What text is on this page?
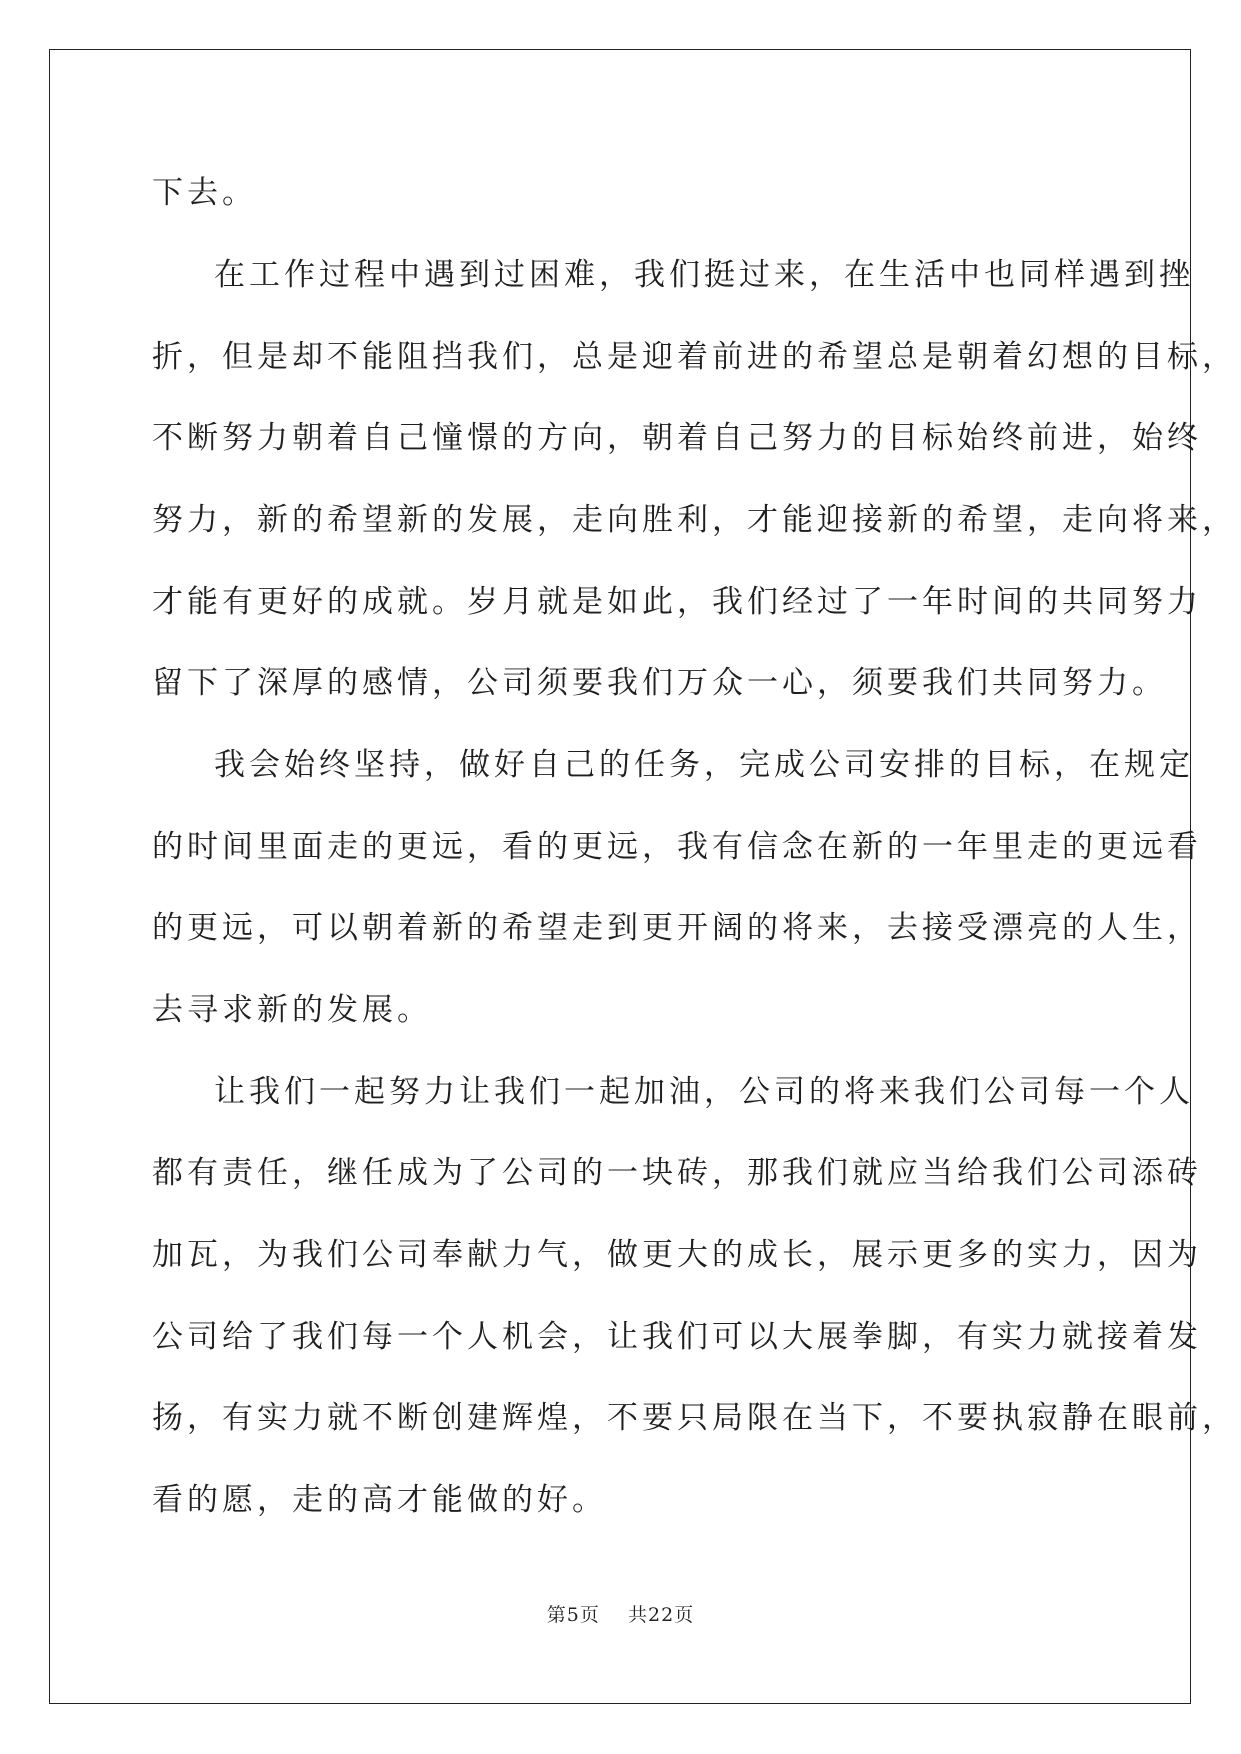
下去。
在工作过程中遇到过困难，我们挺过来，在生活中也同样遇到挫
折，但是却不能阻挡我们，总是迎着前进的希望总是朝着幻想的目标，
不断努力朝着自己憧憬的方向，朝着自己努力的目标始终前进，始终
努力，新的希望新的发展，走向胜利，才能迎接新的希望，走向将来，
才能有更好的成就。岁月就是如此，我们经过了一年时间的共同努力
留下了深厚的感情，公司须要我们万众一心，须要我们共同努力。
我会始终坚持，做好自己的任务，完成公司安排的目标，在规定
的时间里面走的更远，看的更远，我有信念在新的一年里走的更远看
的更远，可以朝着新的希望走到更开阔的将来，去接受漂亮的人生，
去寻求新的发展。
让我们一起努力让我们一起加油，公司的将来我们公司每一个人
都有责任，继任成为了公司的一块砖，那我们就应当给我们公司添砖
加瓦，为我们公司奉献力气，做更大的成长，展示更多的实力，因为
公司给了我们每一个人机会，让我们可以大展拳脚，有实力就接着发
扬，有实力就不断创建辉煌，不要只局限在当下，不要执寂静在眼前，
看的愿，走的高才能做的好。
第5页 共22页
